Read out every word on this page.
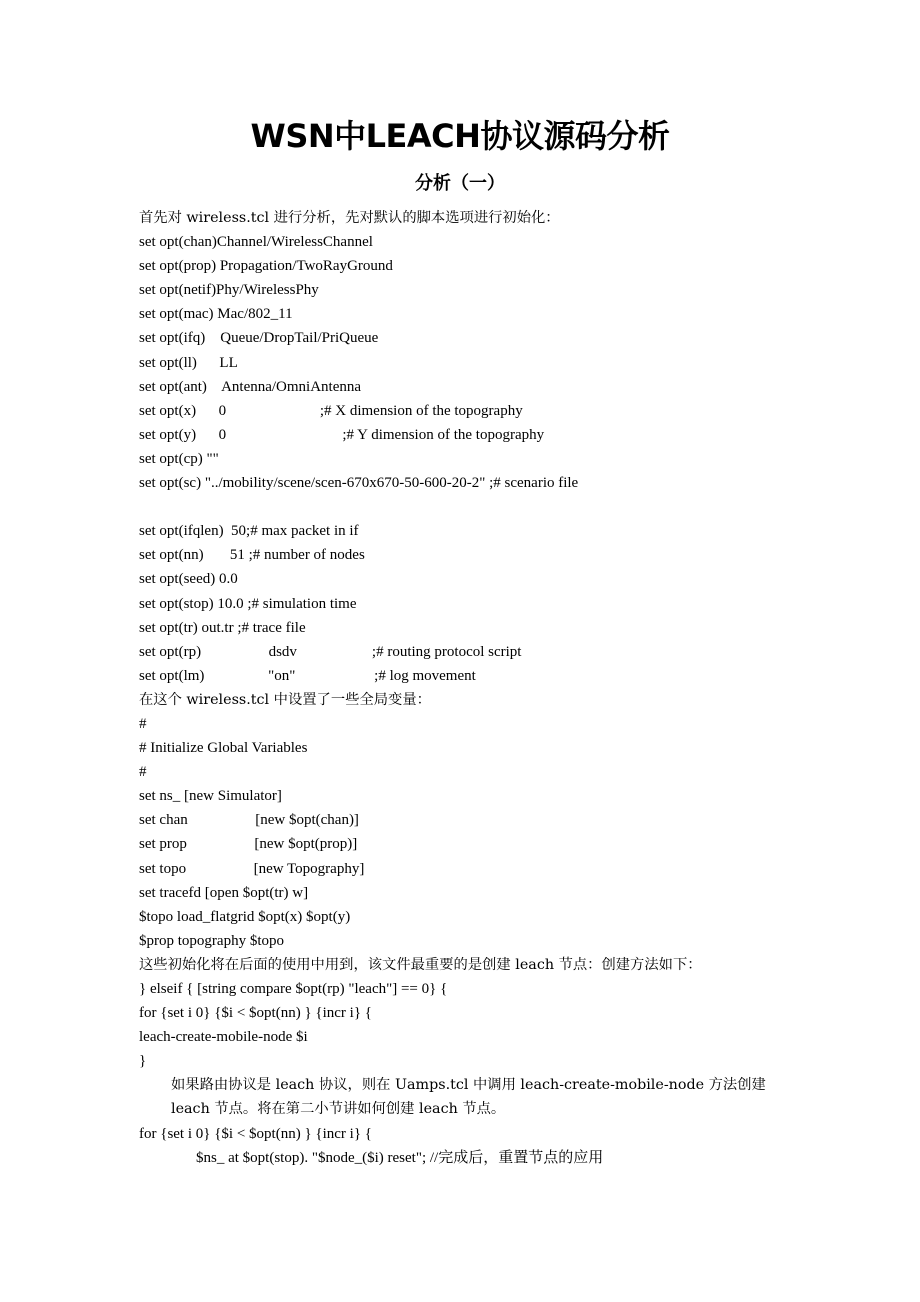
WSN中LEACH协议源码分析
分析（一）
首先对 wireless.tcl 进行分析，先对默认的脚本选项进行初始化：
set opt(chan)Channel/WirelessChannel
set opt(prop) Propagation/TwoRayGround
set opt(netif)Phy/WirelessPhy
set opt(mac) Mac/802_11
set opt(ifq)    Queue/DropTail/PriQueue
set opt(ll)      LL
set opt(ant)    Antenna/OmniAntenna
set opt(x)      0                         ;# X dimension of the topography
set opt(y)      0                               ;# Y dimension of the topography
set opt(cp) ""
set opt(sc) "../mobility/scene/scen-670x670-50-600-20-2" ;# scenario file
set opt(ifqlen)  50;# max packet in if
set opt(nn)       51 ;# number of nodes
set opt(seed) 0.0
set opt(stop) 10.0 ;# simulation time
set opt(tr) out.tr ;# trace file
set opt(rp)                  dsdv                    ;# routing protocol script
set opt(lm)                 "on"                     ;# log movement
在这个 wireless.tcl 中设置了一些全局变量：
#
# Initialize Global Variables
#
set ns_ [new Simulator]
set chan                  [new $opt(chan)]
set prop                  [new $opt(prop)]
set topo                  [new Topography]
set tracefd [open $opt(tr) w]
$topo load_flatgrid $opt(x) $opt(y)
$prop topography $topo
这些初始化将在后面的使用中用到，该文件最重要的是创建 leach 节点：创建方法如下：
} elseif { [string compare $opt(rp) "leach"] == 0} {
for {set i 0} {$i < $opt(nn) } {incr i} {
leach-create-mobile-node $i
}
如果路由协议是 leach 协议，则在 Uamps.tcl 中调用 leach-create-mobile-node 方法创建 leach 节点。将在第二小节讲如何创建 leach 节点。
for {set i 0} {$i < $opt(nn) } {incr i} {
$ns_ at $opt(stop). "$node_($i) reset"; //完成后，重置节点的应用
